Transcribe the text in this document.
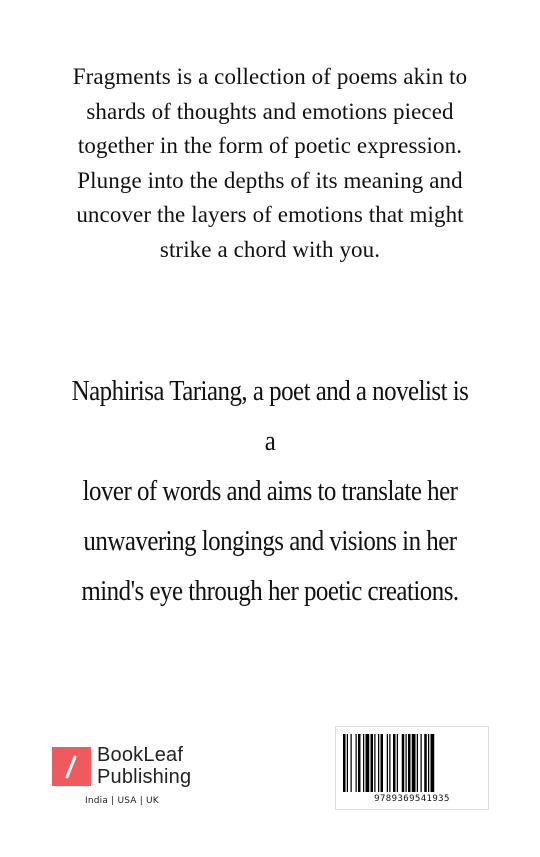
Fragments is a collection of poems akin to
shards of thoughts and emotions pieced
together in the form of poetic expression.
Plunge into the depths of its meaning and
uncover the layers of emotions that might
strike a chord with you.
Naphirisa Tariang, a poet and a novelist is a
lover of words and aims to translate her
unwavering longings and visions in her
mind's eye through her poetic creations.
BookLeaf
Publishing
India | USA | UK	9789369541935
